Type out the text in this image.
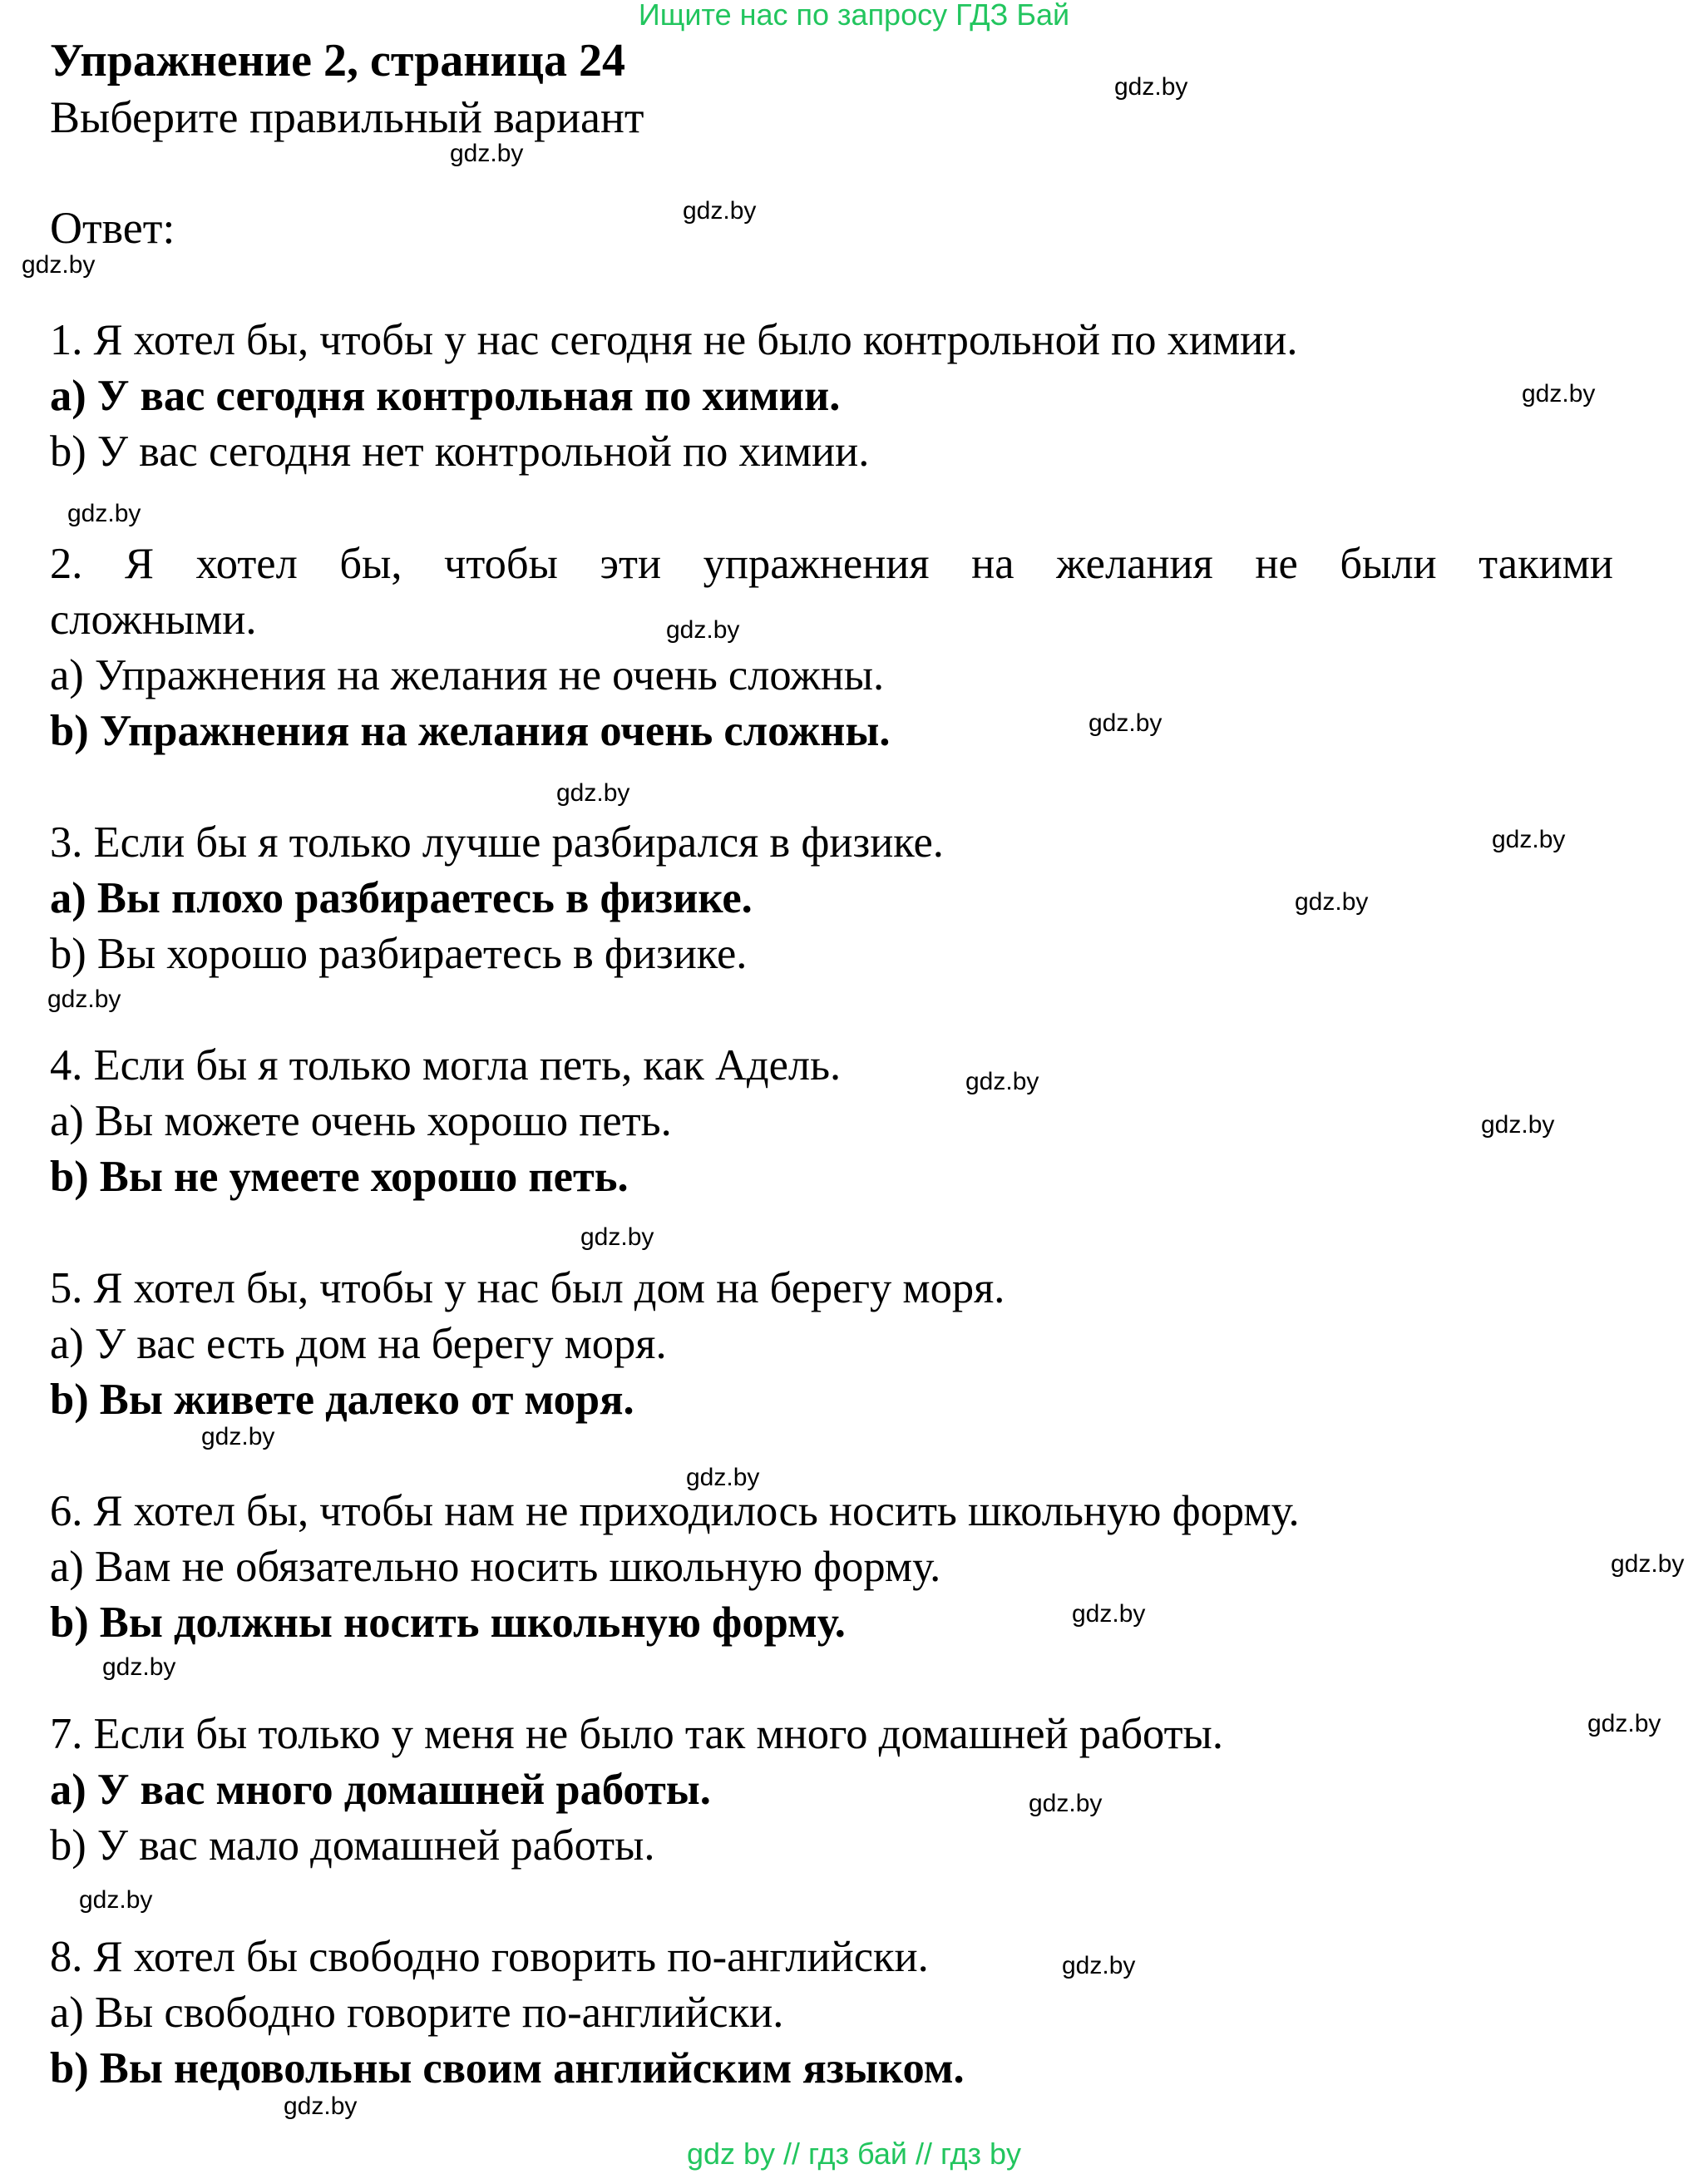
Ищите нас по запросу ГДЗ Бай
Упражнение 2, страница 24
Выберите правильный вариант
Ответ:
1. Я хотел бы, чтобы у нас сегодня не было контрольной по химии.
а) У вас сегодня контрольная по химии.
b) У вас сегодня нет контрольной по химии.
2. Я хотел бы, чтобы эти упражнения на желания не были такими
сложными.
а) Упражнения на желания не очень сложны.
b) Упражнения на желания очень сложны.
3. Если бы я только лучше разбирался в физике.
а) Вы плохо разбираетесь в физике.
b) Вы хорошо разбираетесь в физике.
4. Если бы я только могла петь, как Адель.
а) Вы можете очень хорошо петь.
b) Вы не умеете хорошо петь.
5. Я хотел бы, чтобы у нас был дом на берегу моря.
а) У вас есть дом на берегу моря.
b) Вы живете далеко от моря.
6. Я хотел бы, чтобы нам не приходилось носить школьную форму.
а) Вам не обязательно носить школьную форму.
b) Вы должны носить школьную форму.
7. Если бы только у меня не было так много домашней работы.
а) У вас много домашней работы.
b) У вас мало домашней работы.
8. Я хотел бы свободно говорить по-английски.
а) Вы свободно говорите по-английски.
b) Вы недовольны своим английским языком.
gdz.by
gdz.by
gdz.by
gdz.by
gdz.by
gdz.by
gdz.by
gdz.by
gdz.by
gdz.by
gdz.by
gdz.by
gdz.by
gdz.by
gdz.by
gdz.by
gdz.by
gdz.by
gdz.by
gdz.by
gdz.by
gdz.by
gdz.by
gdz.by
gdz.by
gdz by // гдз бай // гдз by
